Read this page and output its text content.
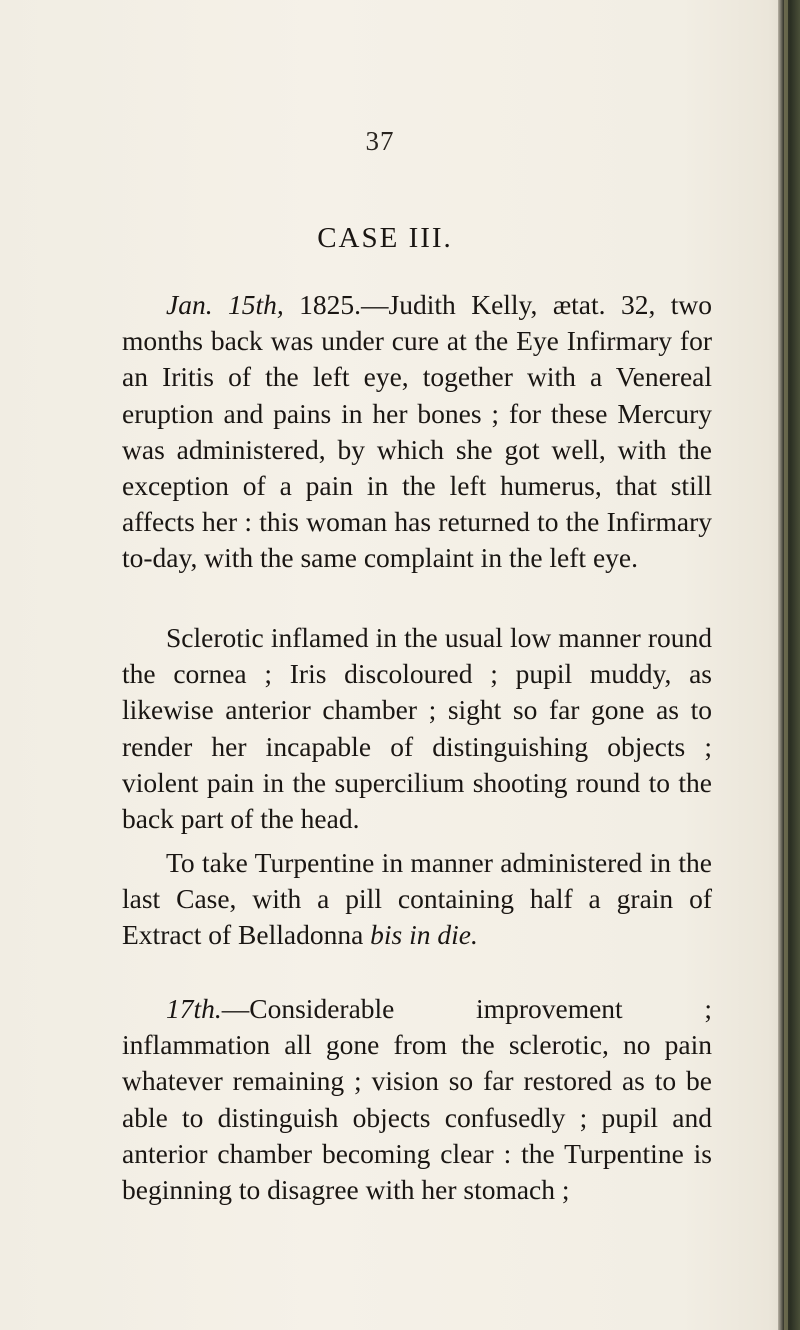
37
CASE III.

Jan. 15th, 1825.—Judith Kelly, ætat. 32, two months back was under cure at the Eye Infirmary for an Iritis of the left eye, together with a Venereal eruption and pains in her bones ; for these Mercury was administered, by which she got well, with the exception of a pain in the left humerus, that still affects her : this woman has returned to the Infirmary to-day, with the same complaint in the left eye.

Sclerotic inflamed in the usual low manner round the cornea ; Iris discoloured ; pupil muddy, as likewise anterior chamber ; sight so far gone as to render her incapable of distinguishing objects ; violent pain in the supercilium shooting round to the back part of the head.

To take Turpentine in manner administered in the last Case, with a pill containing half a grain of Extract of Belladonna bis in die.

17th.—Considerable improvement ; inflammation all gone from the sclerotic, no pain whatever remaining ; vision so far restored as to be able to distinguish objects confusedly ; pupil and anterior chamber becoming clear : the Turpentine is beginning to disagree with her stomach ;
